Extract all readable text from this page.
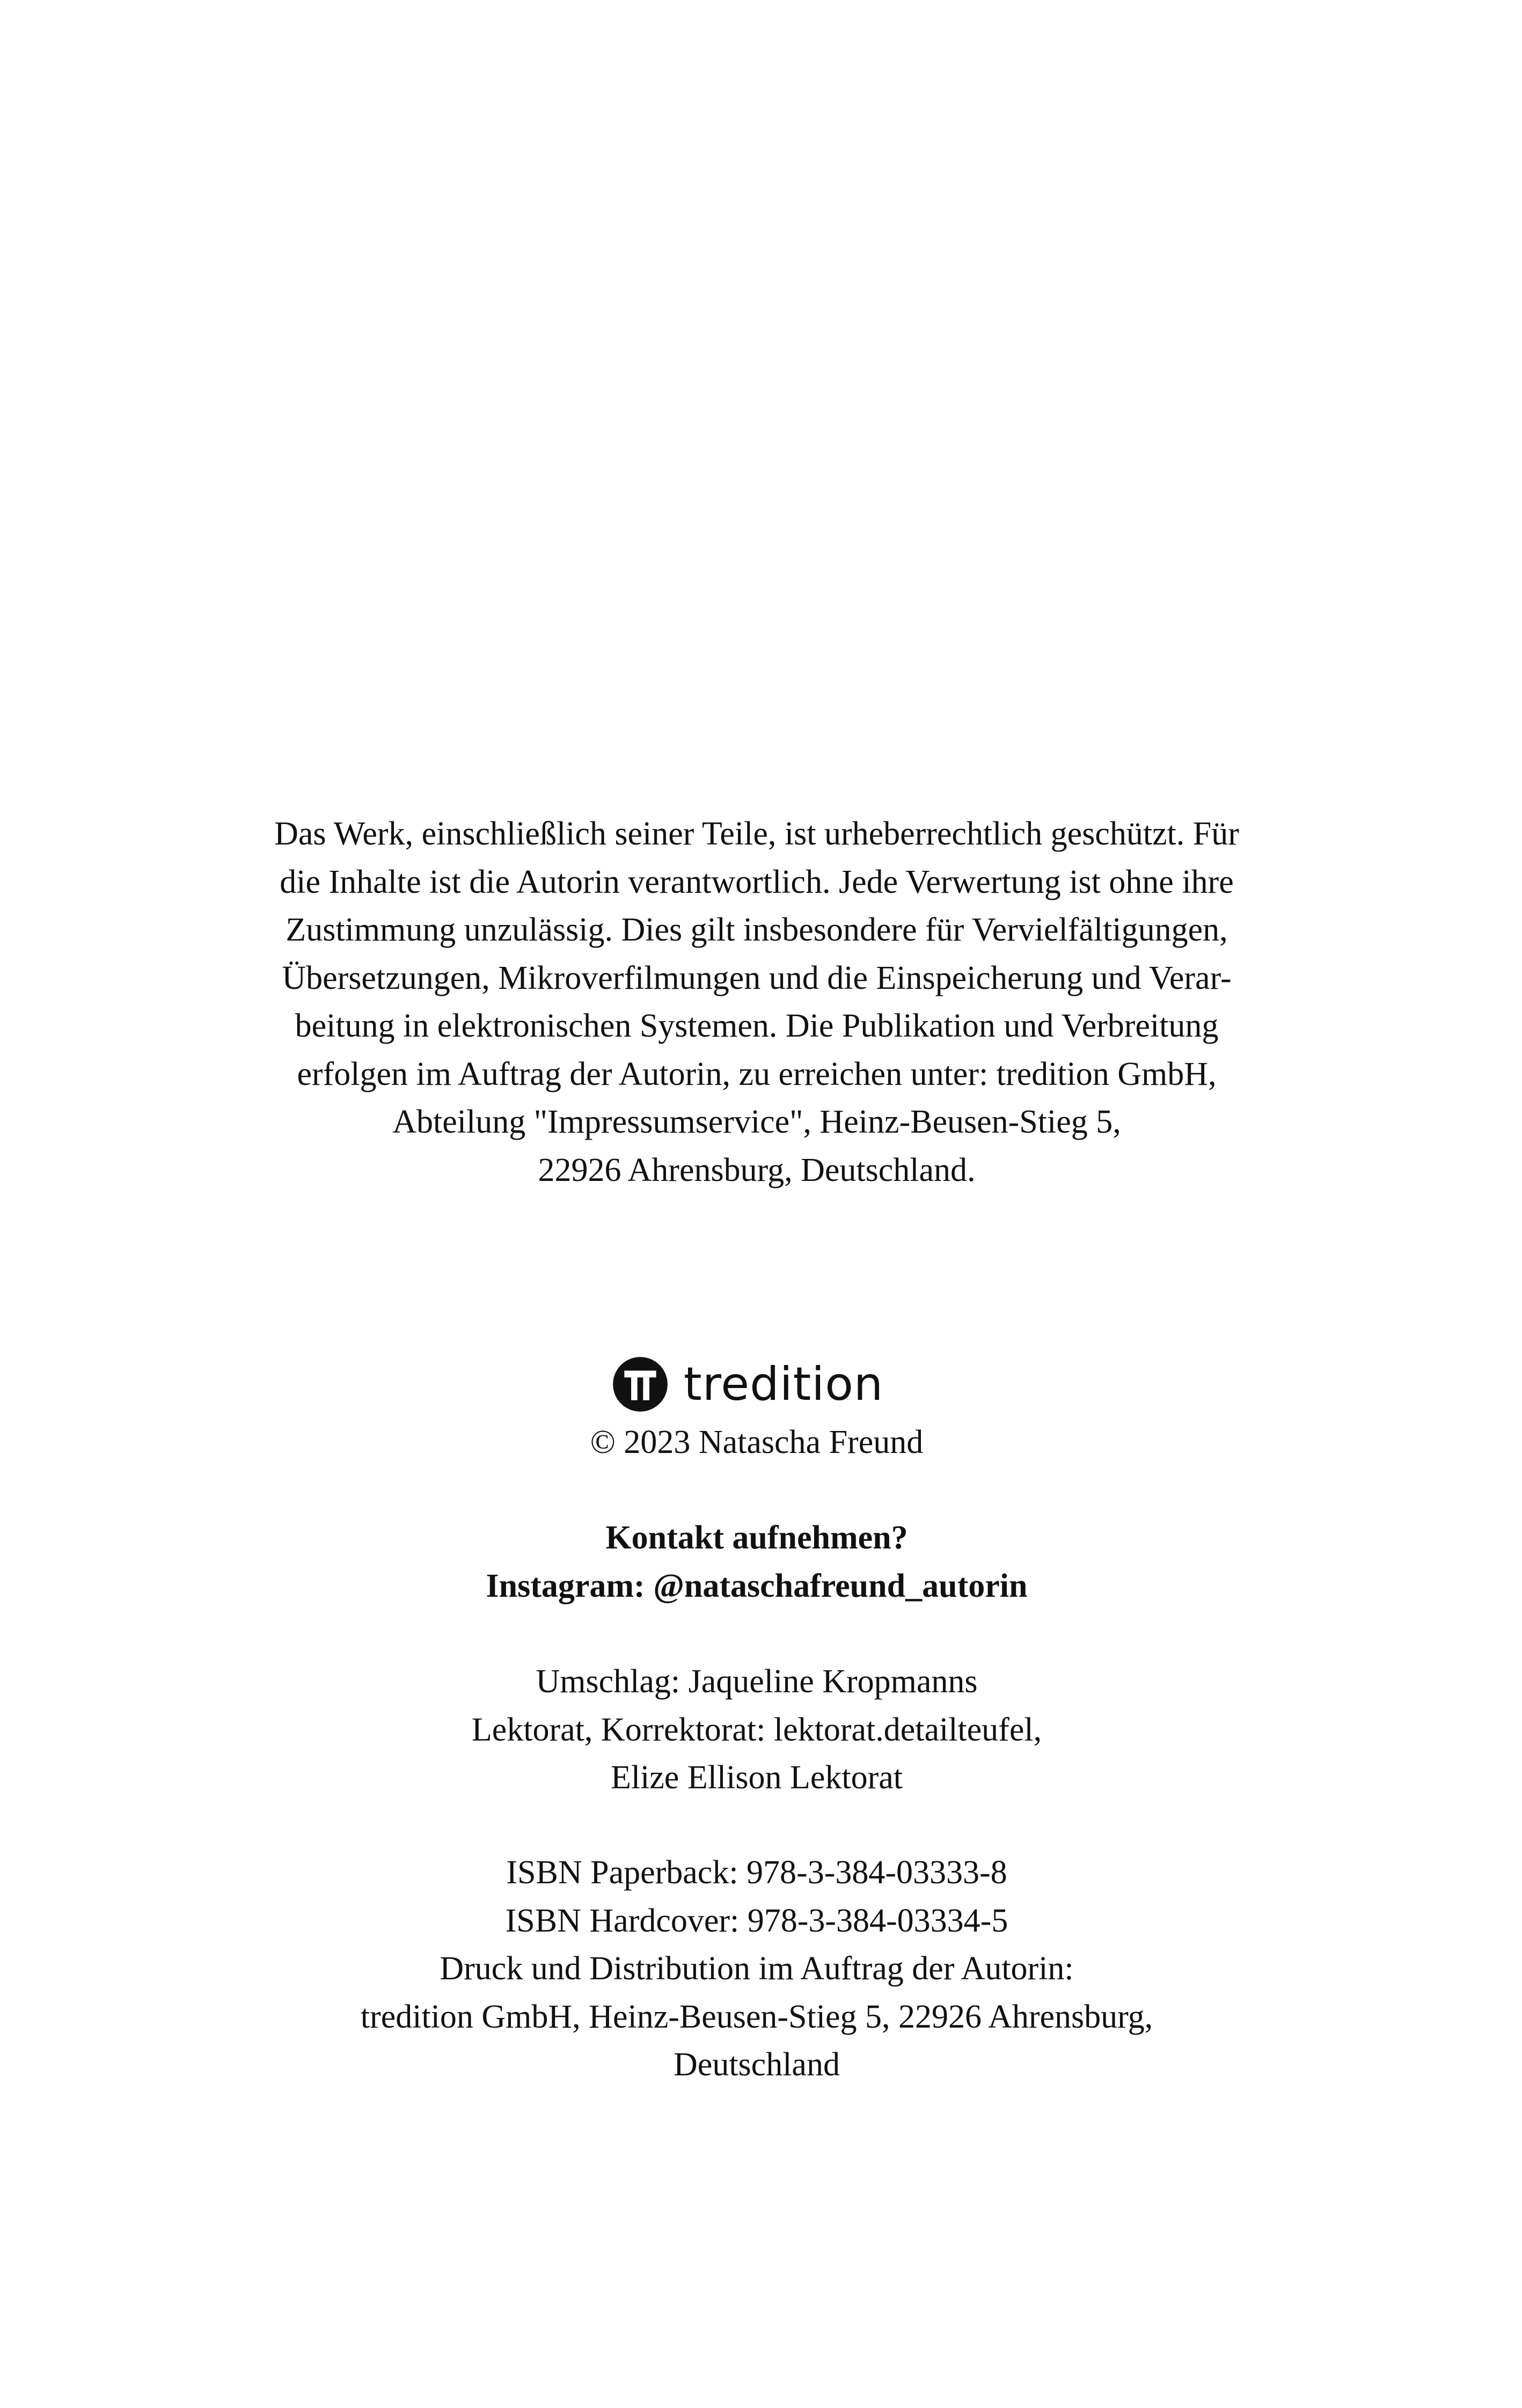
Das Werk, einschließlich seiner Teile, ist urheberrechtlich geschützt. Für
die Inhalte ist die Autorin verantwortlich. Jede Verwertung ist ohne ihre
Zustimmung unzulässig. Dies gilt insbesondere für Vervielfältigungen,
Übersetzungen, Mikroverfilmungen und die Einspeicherung und Verar-
beitung in elektronischen Systemen. Die Publikation und Verbreitung
erfolgen im Auftrag der Autorin, zu erreichen unter: tredition GmbH,
Abteilung "Impressumservice", Heinz-Beusen-Stieg 5,
22926 Ahrensburg, Deutschland.
tredition
© 2023 Natascha Freund
Kontakt aufnehmen?
Instagram: @nataschafreund_autorin
Umschlag: Jaqueline Kropmanns
Lektorat, Korrektorat: lektorat.detailteufel,
Elize Ellison Lektorat
ISBN Paperback: 978-3-384-03333-8
ISBN Hardcover: 978-3-384-03334-5
Druck und Distribution im Auftrag der Autorin:
tredition GmbH, Heinz-Beusen-Stieg 5, 22926 Ahrensburg,
Deutschland
